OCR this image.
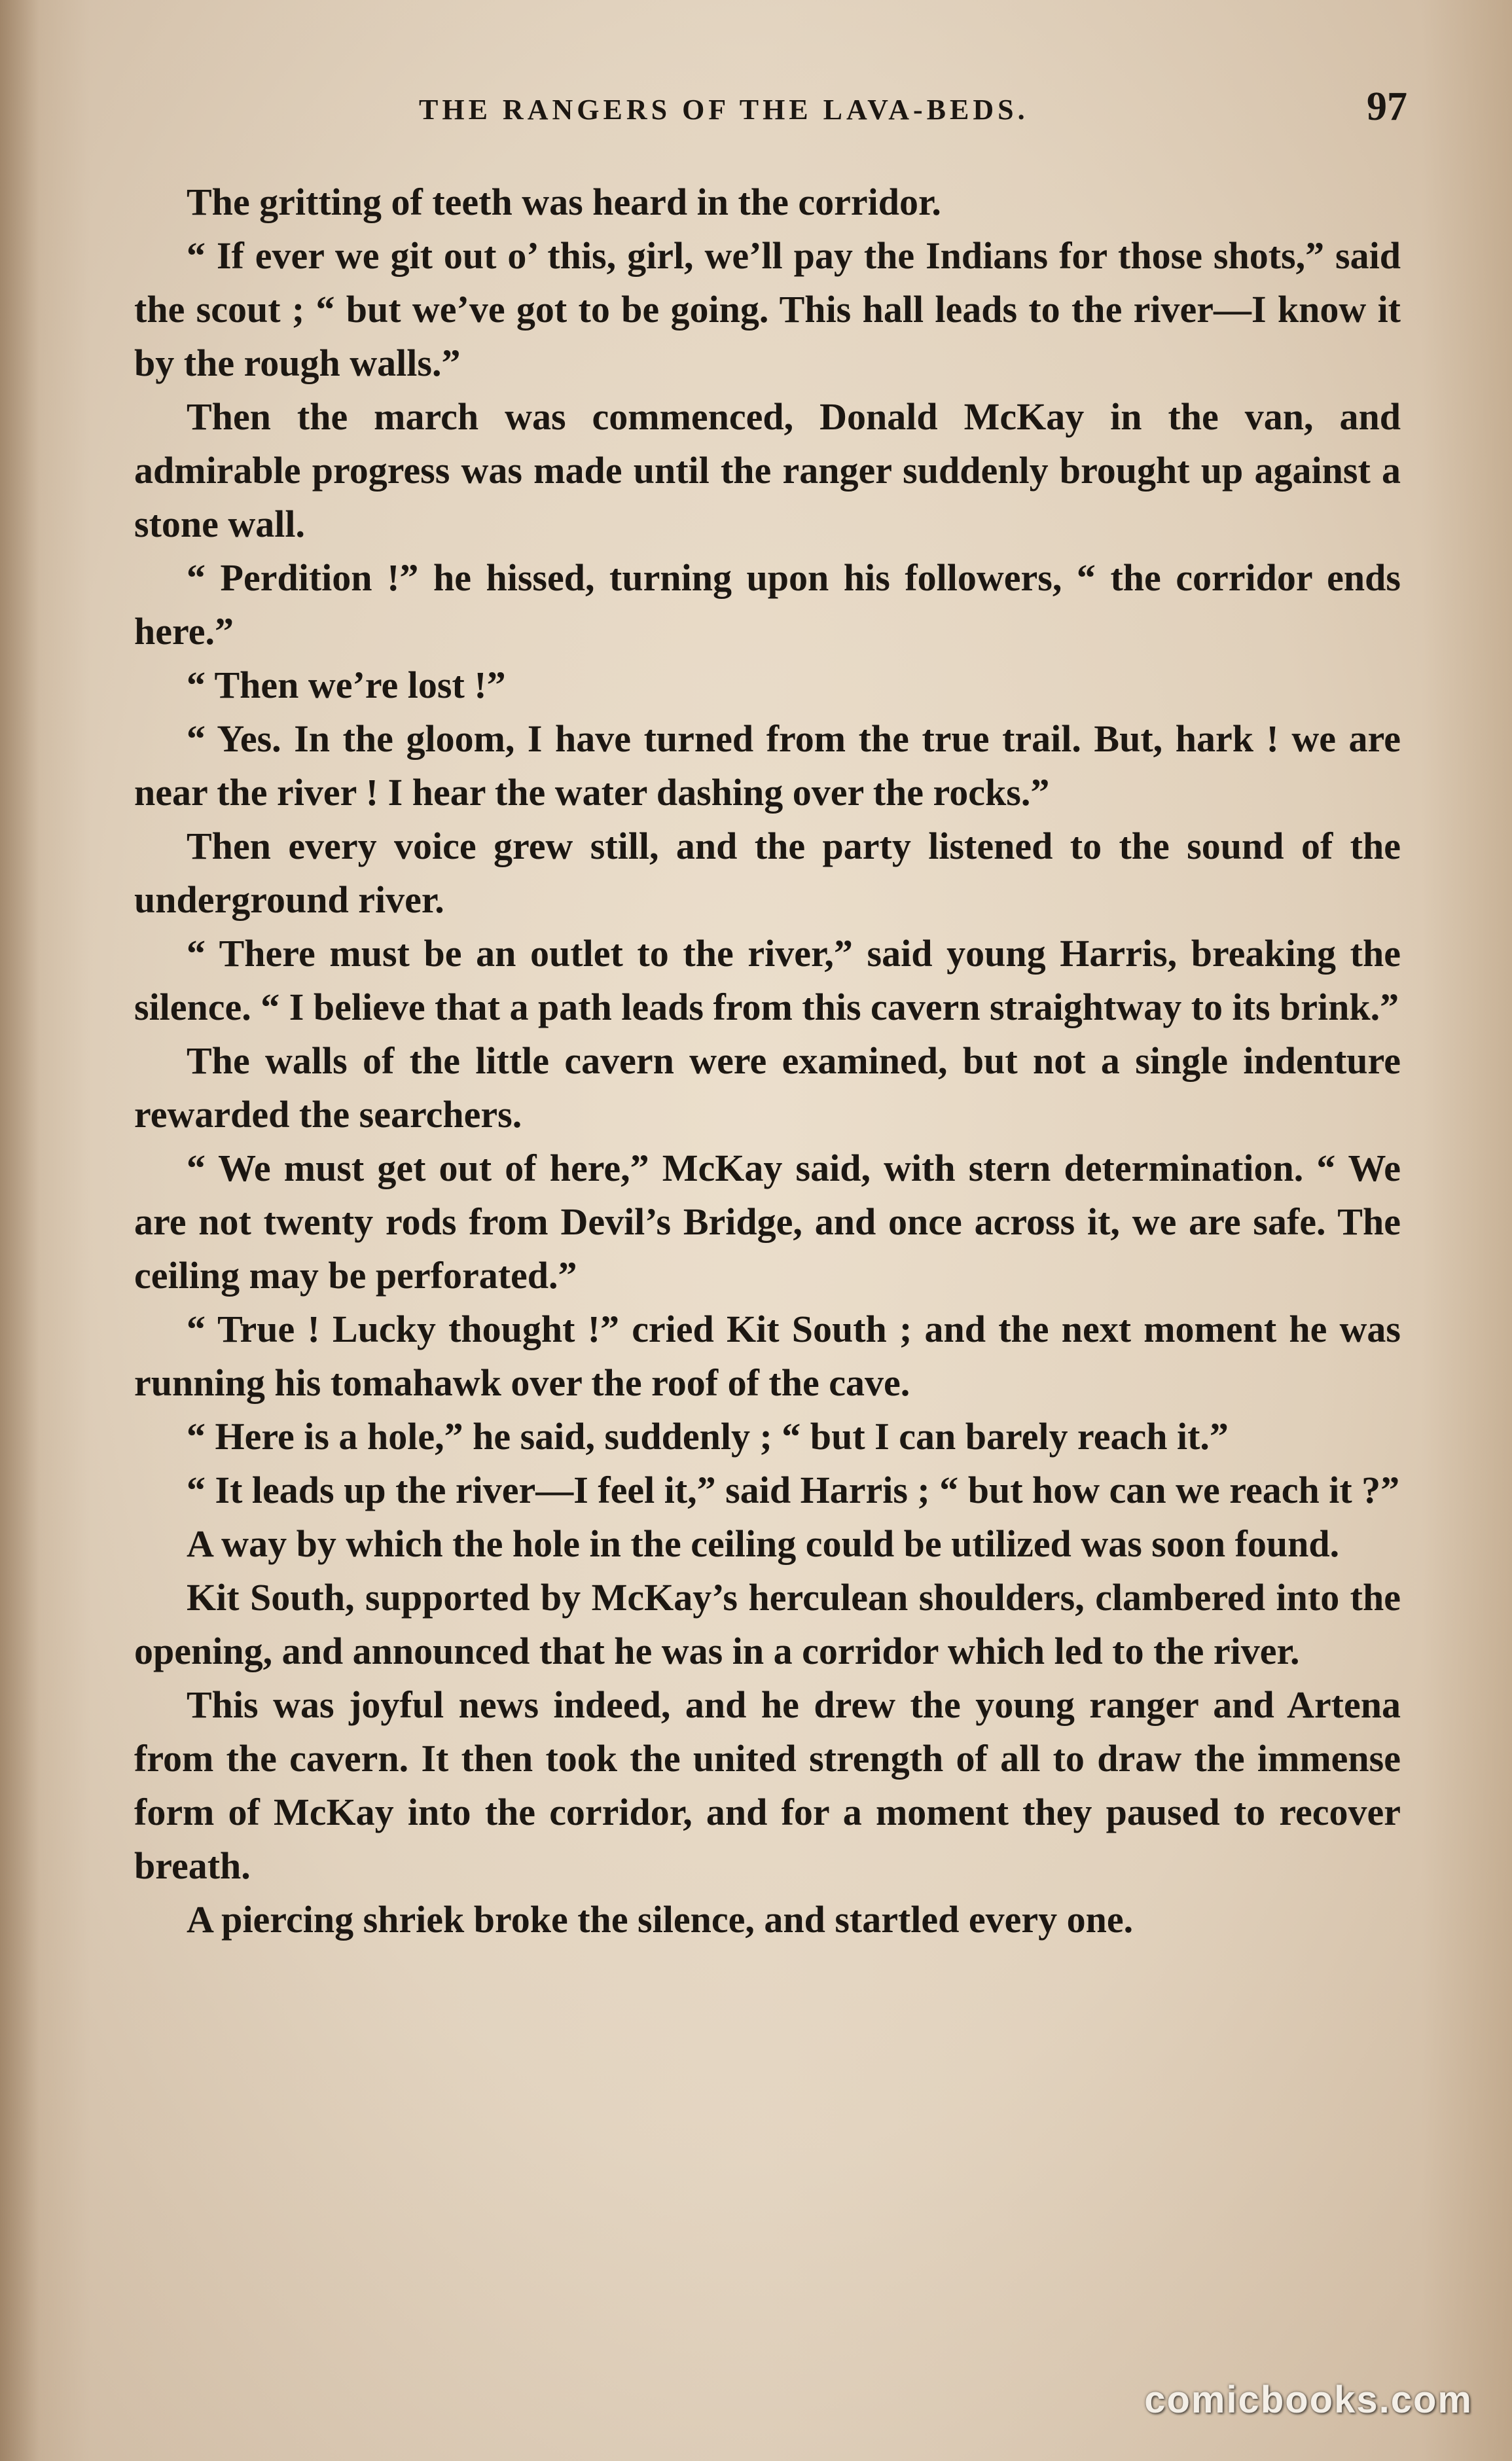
THE RANGERS OF THE LAVA-BEDS.	97

The gritting of teeth was heard in the corridor.

“ If ever we git out o’ this, girl, we’ll pay the Indians for those shots,” said the scout ; “ but we’ve got to be going. This hall leads to the river—I know it by the rough walls.”

Then the march was commenced, Donald McKay in the van, and admirable progress was made until the ranger suddenly brought up against a stone wall.

“ Perdition !” he hissed, turning upon his followers, “ the corridor ends here.”

“ Then we’re lost !”

“ Yes. In the gloom, I have turned from the true trail. But, hark ! we are near the river ! I hear the water dashing over the rocks.”

Then every voice grew still, and the party listened to the sound of the underground river.

“ There must be an outlet to the river,” said young Harris, breaking the silence. “ I believe that a path leads from this cavern straightway to its brink.”

The walls of the little cavern were examined, but not a single indenture rewarded the searchers.

“ We must get out of here,” McKay said, with stern determination. “ We are not twenty rods from Devil’s Bridge, and once across it, we are safe. The ceiling may be perforated.”

“ True ! Lucky thought !” cried Kit South ; and the next moment he was running his tomahawk over the roof of the cave.

“ Here is a hole,” he said, suddenly ; “ but I can barely reach it.”

“ It leads up the river—I feel it,” said Harris ; “ but how can we reach it ?”

A way by which the hole in the ceiling could be utilized was soon found.

Kit South, supported by McKay’s herculean shoulders, clambered into the opening, and announced that he was in a corridor which led to the river.

This was joyful news indeed, and he drew the young ranger and Artena from the cavern. It then took the united strength of all to draw the immense form of McKay into the corridor, and for a moment they paused to recover breath.

A piercing shriek broke the silence, and startled every one.

comicbooks.com
